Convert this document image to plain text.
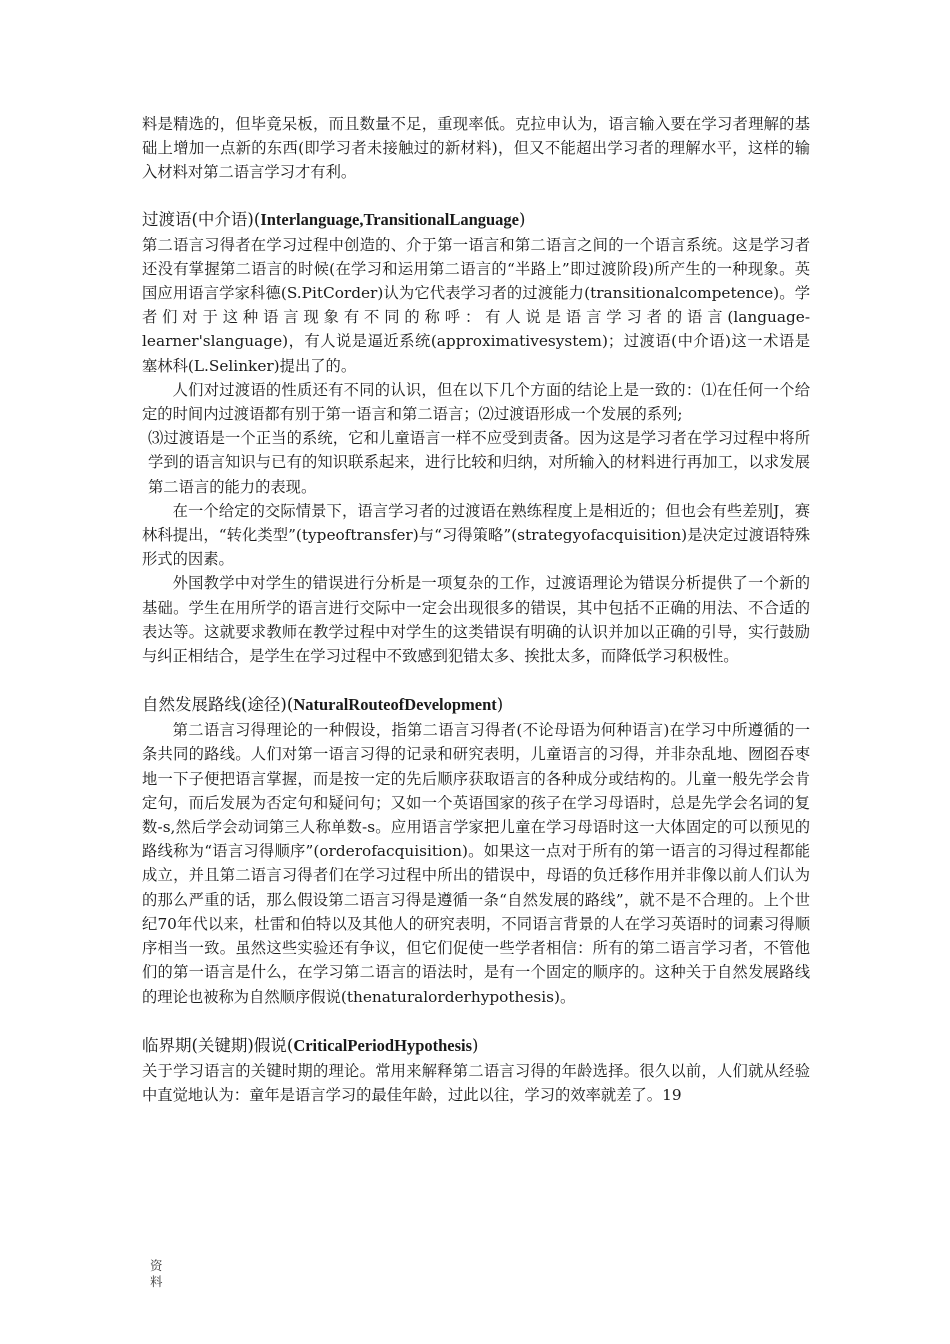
料是精选的，但毕竟呆板，而且数量不足，重现率低。克拉申认为，语言输入要在学习者理解的基础上增加一点新的东西(即学习者未接触过的新材料)，但又不能超出学习者的理解水平，这样的输入材料对第二语言学习才有利。

过渡语(中介语)(Interlanguage,TransitionalLanguage)

第二语言习得者在学习过程中创造的、介于第一语言和第二语言之间的一个语言系统。这是学习者还没有掌握第二语言的时候(在学习和运用第二语言的“半路上”即过渡阶段)所产生的一种现象。英国应用语言学家科德(S.PitCorder)认为它代表学习者的过渡能力(transitionalcompetence)。学者们对于这种语言现象有不同的称呼：有人说是语言学习者的语言(language-learner'slanguage)，有人说是逼近系统(approximativesystem)；过渡语(中介语)这一术语是塞林科(L.Selinker)提出了的。

人们对过渡语的性质还有不同的认识，但在以下几个方面的结论上是一致的：⑴在任何一个给定的时间内过渡语都有别于第一语言和第二语言；⑵过渡语形成一个发展的系列;

⑶过渡语是一个正当的系统，它和儿童语言一样不应受到责备。因为这是学习者在学习过程中将所学到的语言知识与已有的知识联系起来，进行比较和归纳，对所输入的材料进行再加工，以求发展第二语言的能力的表现。

在一个给定的交际情景下，语言学习者的过渡语在熟练程度上是相近的；但也会有些差别J，赛林科提出，“转化类型”(typeoftransfer)与“习得策略”(strategyofacquisition)是决定过渡语特殊形式的因素。

外国教学中对学生的错误进行分析是一项复杂的工作，过渡语理论为错误分析提供了一个新的基础。学生在用所学的语言进行交际中一定会出现很多的错误，其中包括不正确的用法、不合适的表达等。这就要求教师在教学过程中对学生的这类错误有明确的认识并加以正确的引导，实行鼓励与纠正相结合，是学生在学习过程中不致感到犯错太多、挨批太多，而降低学习积极性。

自然发展路线(途径)(NaturalRouteofDevelopment)

第二语言习得理论的一种假设，指第二语言习得者(不论母语为何种语言)在学习中所遵循的一条共同的路线。人们对第一语言习得的记录和研究表明，儿童语言的习得，并非杂乱地、囫囵吞枣地一下子便把语言掌握，而是按一定的先后顺序获取语言的各种成分或结构的。儿童一般先学会肯定句，而后发展为否定句和疑问句；又如一个英语国家的孩子在学习母语时，总是先学会名词的复数-s,然后学会动词第三人称单数-s。应用语言学家把儿童在学习母语时这一大体固定的可以预见的路线称为“语言习得顺序”(orderofacquisition)。如果这一点对于所有的第一语言的习得过程都能成立，并且第二语言习得者们在学习过程中所出的错误中，母语的负迁移作用并非像以前人们认为的那么严重的话，那么假设第二语言习得是遵循一条“自然发展的路线”，就不是不合理的。上个世纪70年代以来，杜雷和伯特以及其他人的研究表明，不同语言背景的人在学习英语时的词素习得顺序相当一致。虽然这些实验还有争议，但它们促使一些学者相信：所有的第二语言学习者，不管他们的第一语言是什么，在学习第二语言的语法时，是有一个固定的顺序的。这种关于自然发展路线的理论也被称为自然顺序假说(thenaturalorderhypothesis)。

临界期(关键期)假说(CriticalPeriodHypothesis)

关于学习语言的关键时期的理论。常用来解释第二语言习得的年龄选择。很久以前，人们就从经验中直觉地认为：童年是语言学习的最佳年龄，过此以往，学习的效率就差了。19

资
料
